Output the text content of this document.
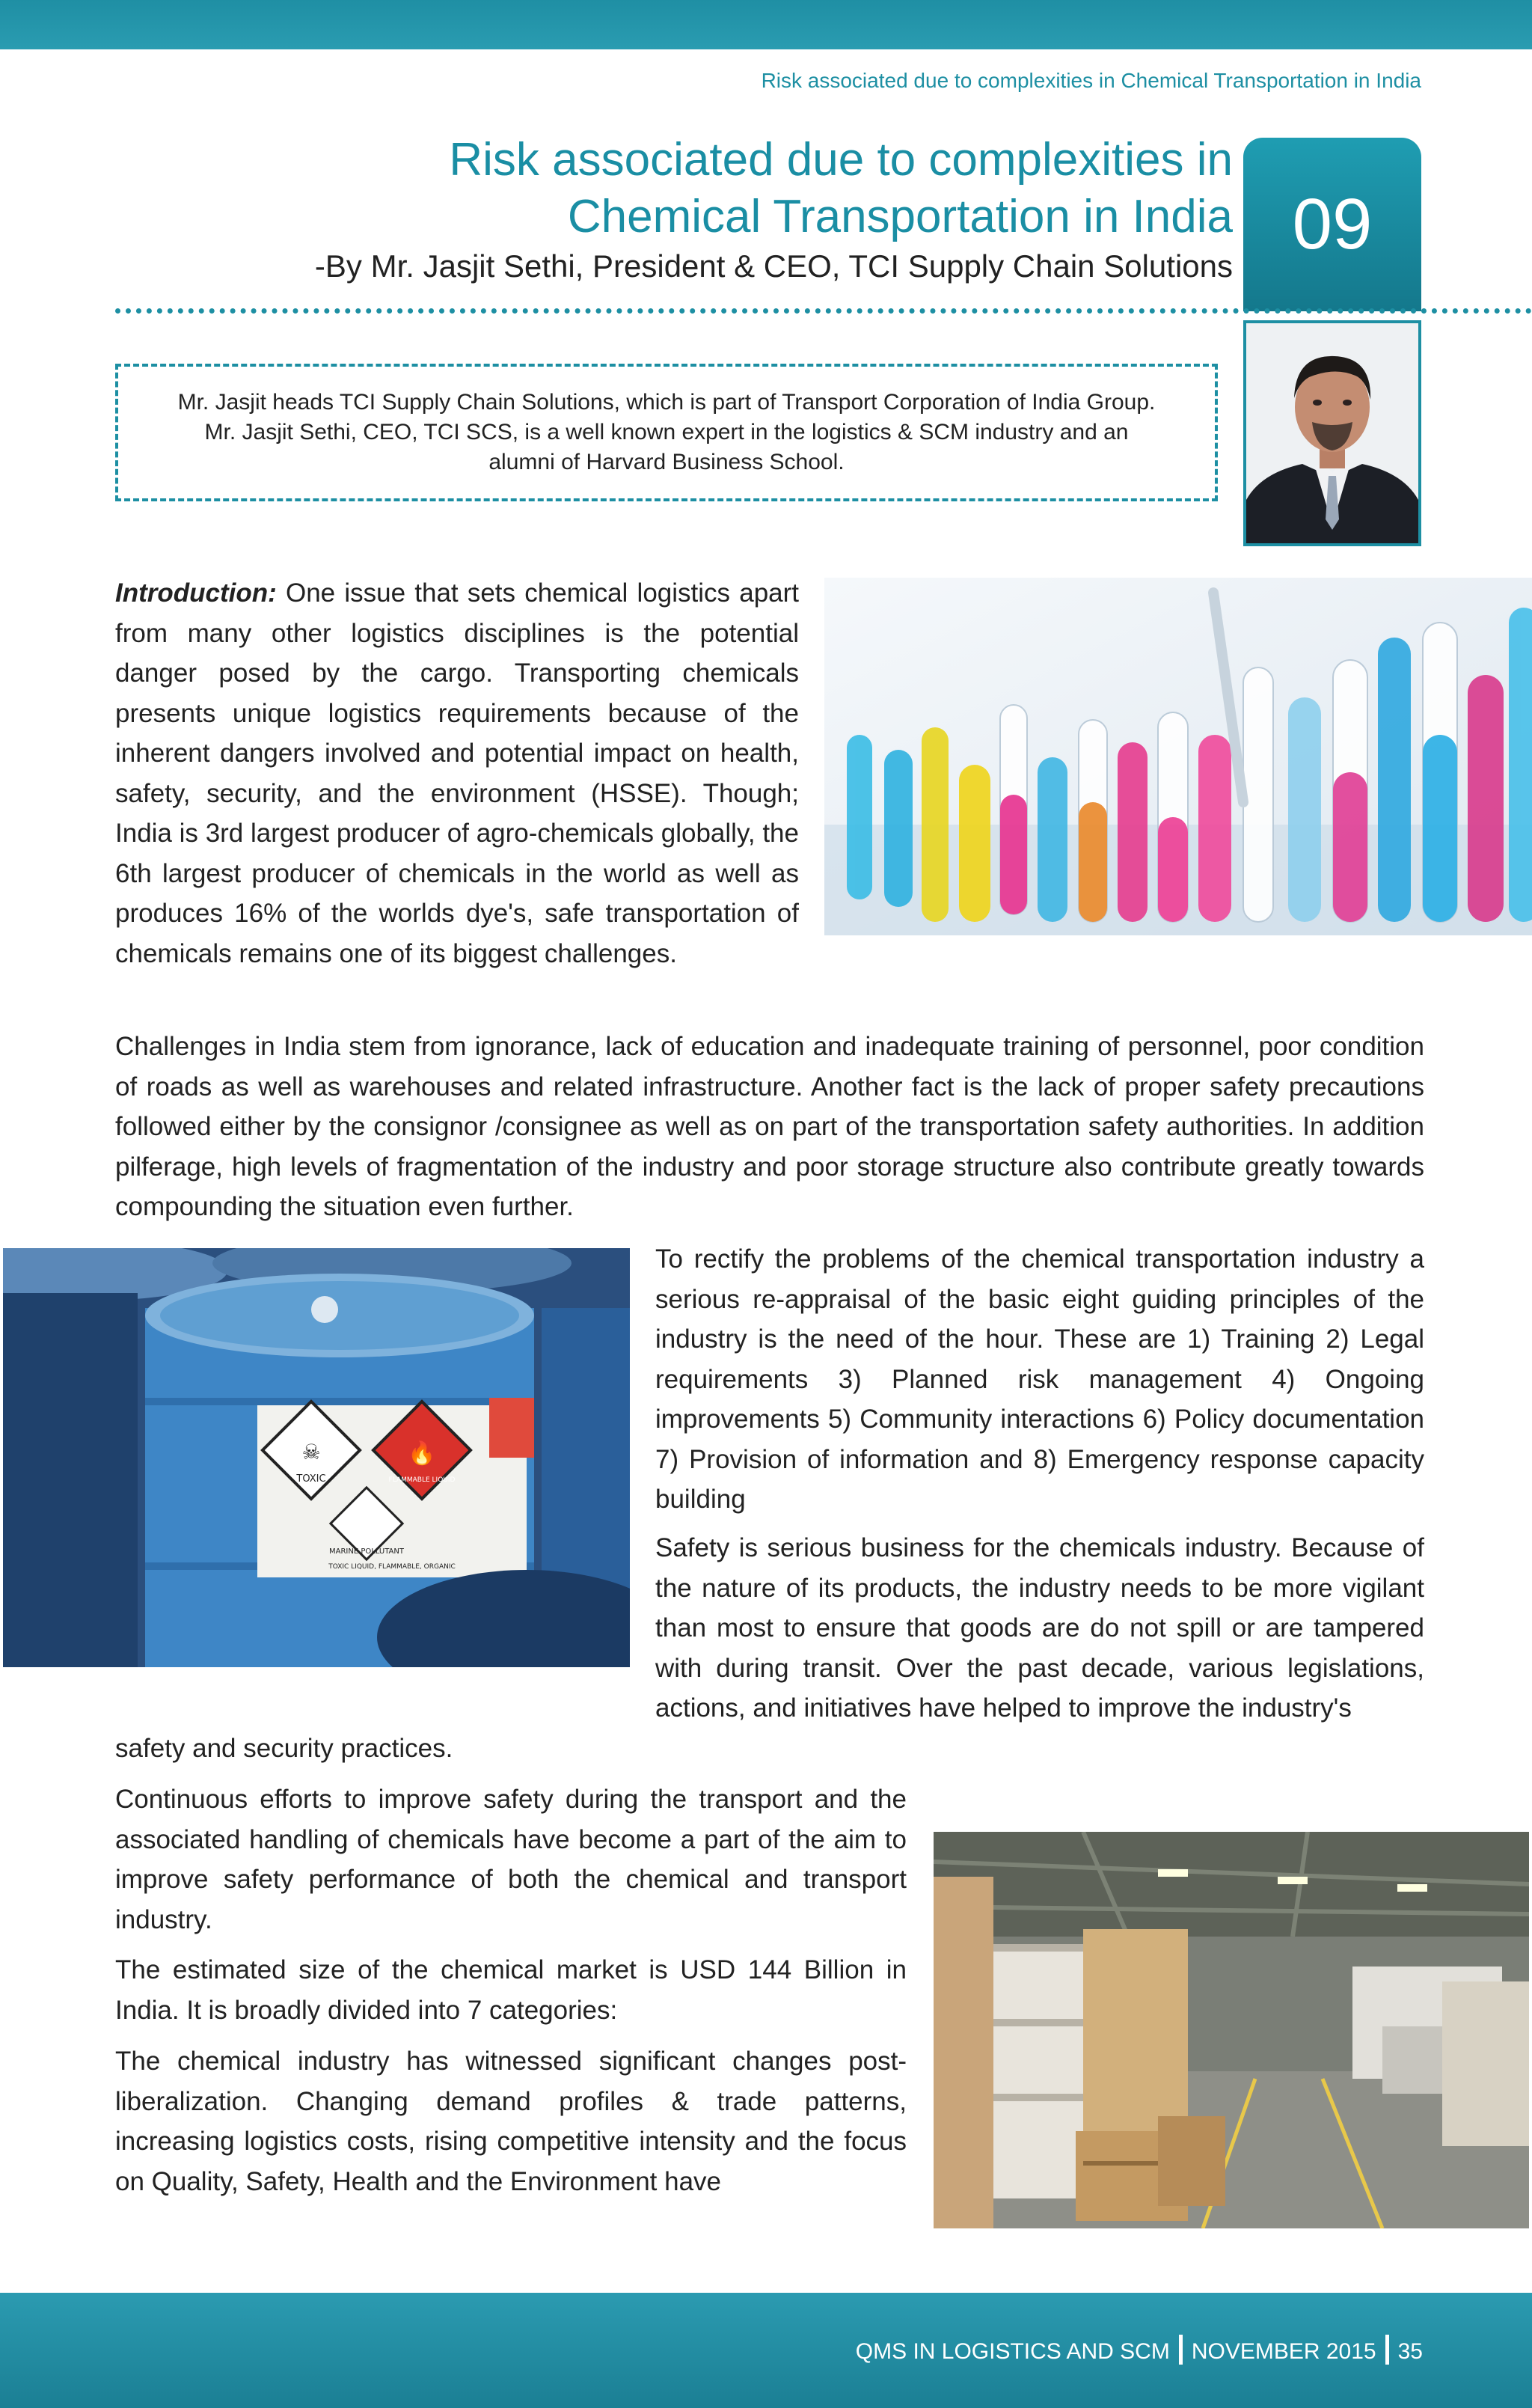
Risk associated due to complexities in Chemical Transportation in India
Risk associated due to complexities in
Chemical Transportation in India
-By Mr. Jasjit Sethi, President & CEO, TCI Supply Chain Solutions
09
Mr. Jasjit heads TCI Supply Chain Solutions, which is part of Transport Corporation of India Group.
Mr. Jasjit Sethi, CEO, TCI SCS, is a well known expert in the logistics & SCM industry and an
alumni of Harvard Business School.

Introduction: One issue that sets chemical logistics apart from many other logistics disciplines is the potential danger posed by the cargo. Transporting chemicals presents unique logistics requirements because of the inherent dangers involved and potential impact on health, safety, security, and the environment (HSSE). Though; India is 3rd largest producer of agro-chemicals globally, the 6th largest producer of chemicals in the world as well as produces 16% of the worlds dye's, safe transportation of chemicals remains one of its biggest challenges.

Challenges in India stem from ignorance, lack of education and inadequate training of personnel, poor condition of roads as well as warehouses and related infrastructure. Another fact is the lack of proper safety precautions followed either by the consignor /consignee as well as on part of the transportation safety authorities. In addition pilferage, high levels of fragmentation of the industry and poor storage structure also contribute greatly towards compounding the situation even further.

☠
TOXIC
🔥
FLAMMABLE LIQUID
MARINE POLLUTANT
TOXIC LIQUID, FLAMMABLE, ORGANIC

To rectify the problems of the chemical transportation industry a serious re-appraisal of the basic eight guiding principles of the industry is the need of the hour. These are 1) Training 2) Legal requirements 3) Planned risk management 4) Ongoing improvements 5) Community interactions 6) Policy documentation 7) Provision of information and 8) Emergency response capacity building

Safety is serious business for the chemicals industry. Because of the nature of its products, the industry needs to be more vigilant than most to ensure that goods are do not spill or are tampered with during transit. Over the past decade, various legislations, actions, and initiatives have helped to improve the industry's

safety and security practices.

Continuous efforts to improve safety during the transport and the associated handling of chemicals have become a part of the aim to improve safety performance of both the chemical and transport industry.

The estimated size of the chemical market is USD 144 Billion in India. It is broadly divided into 7 categories:

The chemical industry has witnessed significant changes post-liberalization. Changing demand profiles & trade patterns, increasing logistics costs, rising competitive intensity and the focus on Quality, Safety, Health and the Environment have

QMS IN LOGISTICS AND SCM NOVEMBER 2015 35
